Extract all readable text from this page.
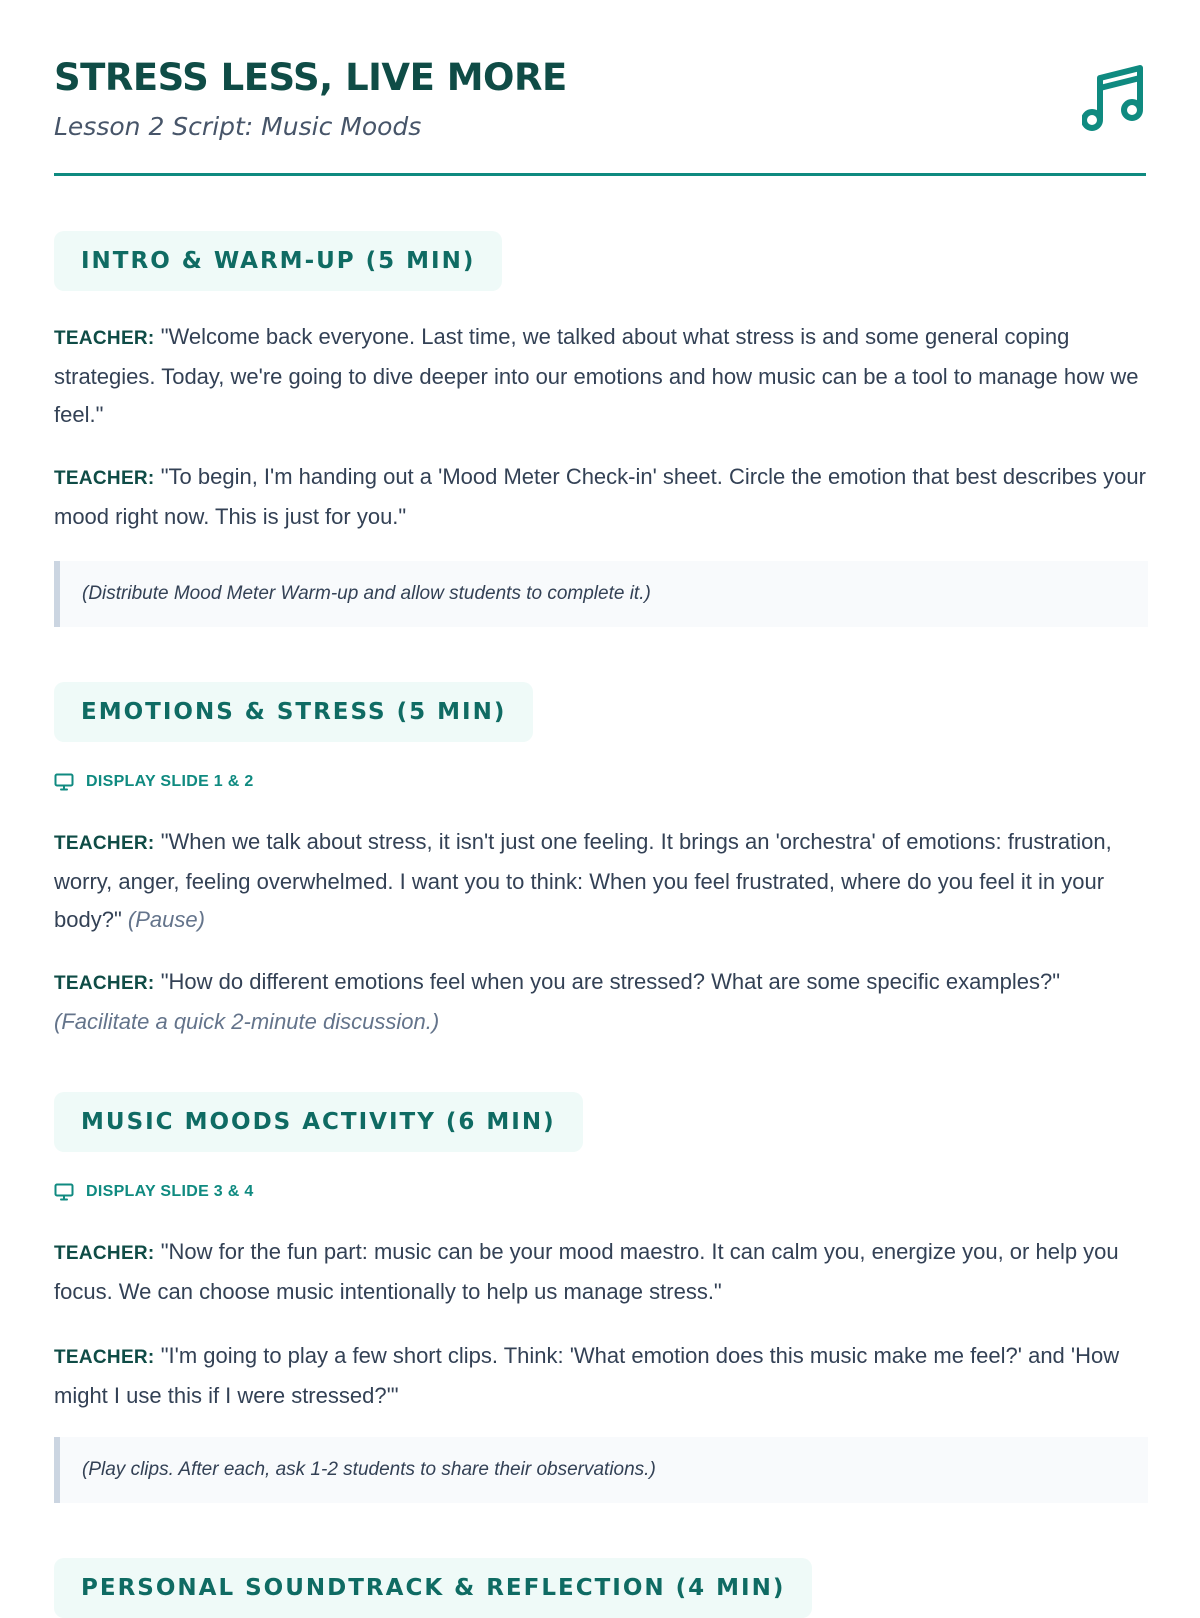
STRESS LESS, LIVE MORE

Lesson 2 Script: Music Moods

INTRO & WARM-UP (5 MIN)

TEACHER: "Welcome back everyone. Last time, we talked about what stress is and some general coping strategies. Today, we're going to dive deeper into our emotions and how music can be a tool to manage how we feel."

TEACHER: "To begin, I'm handing out a 'Mood Meter Check-in' sheet. Circle the emotion that best describes your mood right now. This is just for you."

(Distribute Mood Meter Warm-up and allow students to complete it.)
EMOTIONS & STRESS (5 MIN)
DISPLAY SLIDE 1 & 2

TEACHER: "When we talk about stress, it isn't just one feeling. It brings an 'orchestra' of emotions: frustration, worry, anger, feeling overwhelmed. I want you to think: When you feel frustrated, where do you feel it in your body?" (Pause)

TEACHER: "How do different emotions feel when you are stressed? What are some specific examples?" (Facilitate a quick 2-minute discussion.)

MUSIC MOODS ACTIVITY (6 MIN)
DISPLAY SLIDE 3 & 4

TEACHER: "Now for the fun part: music can be your mood maestro. It can calm you, energize you, or help you focus. We can choose music intentionally to help us manage stress."

TEACHER: "I'm going to play a few short clips. Think: 'What emotion does this music make me feel?' and 'How might I use this if I were stressed?'"

(Play clips. After each, ask 1-2 students to share their observations.)
PERSONAL SOUNDTRACK & REFLECTION (4 MIN)
